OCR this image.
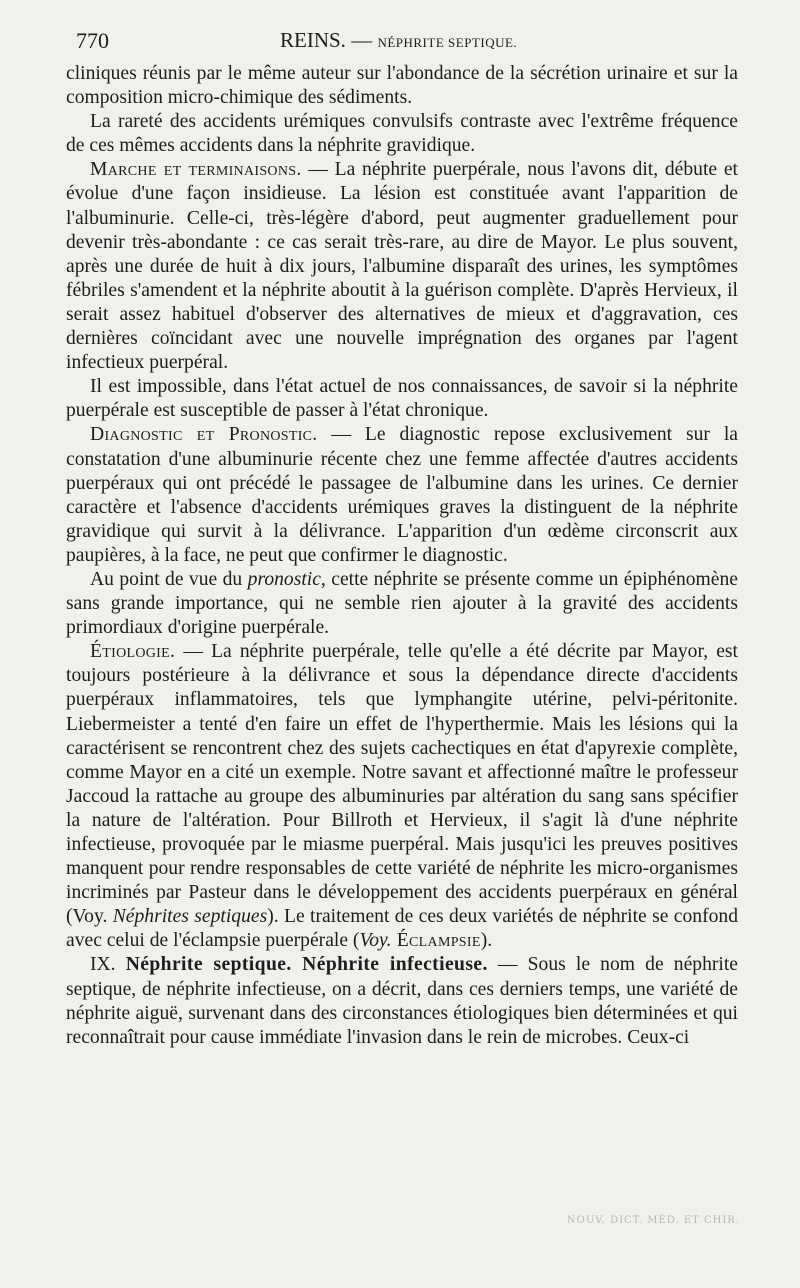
770	REINS. — NÉPHRITE SEPTIQUE.

cliniques réunis par le même auteur sur l'abondance de la sécrétion urinaire et sur la composition micro-chimique des sédiments.

La rareté des accidents urémiques convulsifs contraste avec l'extrême fréquence de ces mêmes accidents dans la néphrite gravidique.

Marche et terminaisons. — La néphrite puerpérale, nous l'avons dit, débute et évolue d'une façon insidieuse. La lésion est constituée avant l'apparition de l'albuminurie. Celle-ci, très-légère d'abord, peut augmenter graduellement pour devenir très-abondante : ce cas serait très-rare, au dire de Mayor. Le plus souvent, après une durée de huit à dix jours, l'albumine disparaît des urines, les symptômes fébriles s'amendent et la néphrite aboutit à la guérison complète. D'après Hervieux, il serait assez habituel d'observer des alternatives de mieux et d'aggravation, ces dernières coïncidant avec une nouvelle imprégnation des organes par l'agent infectieux puerpéral.

Il est impossible, dans l'état actuel de nos connaissances, de savoir si la néphrite puerpérale est susceptible de passer à l'état chronique.

Diagnostic et Pronostic. — Le diagnostic repose exclusivement sur la constatation d'une albuminurie récente chez une femme affectée d'autres accidents puerpéraux qui ont précédé le passagee de l'albumine dans les urines. Ce dernier caractère et l'absence d'accidents urémiques graves la distinguent de la néphrite gravidique qui survit à la délivrance. L'apparition d'un œdème circonscrit aux paupières, à la face, ne peut que confirmer le diagnostic.

Au point de vue du pronostic, cette néphrite se présente comme un épiphénomène sans grande importance, qui ne semble rien ajouter à la gravité des accidents primordiaux d'origine puerpérale.

Étiologie. — La néphrite puerpérale, telle qu'elle a été décrite par Mayor, est toujours postérieure à la délivrance et sous la dépendance directe d'accidents puerpéraux inflammatoires, tels que lymphangite utérine, pelvi-péritonite. Liebermeister a tenté d'en faire un effet de l'hyperthermie. Mais les lésions qui la caractérisent se rencontrent chez des sujets cachectiques en état d'apyrexie complète, comme Mayor en a cité un exemple. Notre savant et affectionné maître le professeur Jaccoud la rattache au groupe des albuminuries par altération du sang sans spécifier la nature de l'altération. Pour Billroth et Hervieux, il s'agit là d'une néphrite infectieuse, provoquée par le miasme puerpéral. Mais jusqu'ici les preuves positives manquent pour rendre responsables de cette variété de néphrite les micro-organismes incriminés par Pasteur dans le développement des accidents puerpéraux en général (Voy. Néphrites septiques). Le traitement de ces deux variétés de néphrite se confond avec celui de l'éclampsie puerpérale (Voy. Éclampsie).

IX. Néphrite septique. Néphrite infectieuse. — Sous le nom de néphrite septique, de néphrite infectieuse, on a décrit, dans ces derniers temps, une variété de néphrite aiguë, survenant dans des circonstances étiologiques bien déterminées et qui reconnaîtrait pour cause immédiate l'invasion dans le rein de microbes. Ceux-ci

NOUV. DICT. MÉD. ET CHIR.
